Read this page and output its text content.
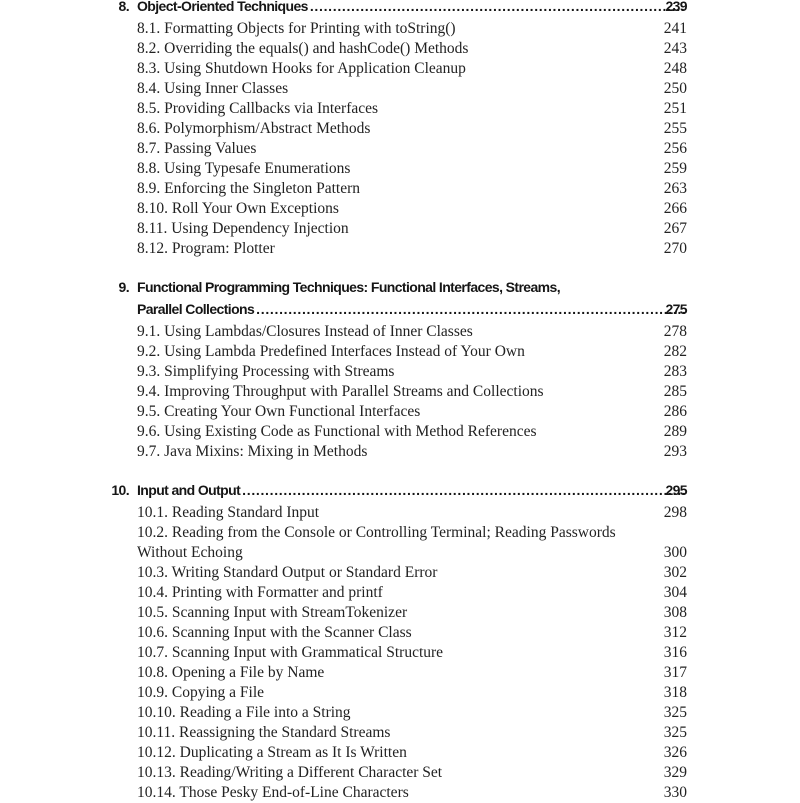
8. Object-Oriented Techniques . . .	239
8.1. Formatting Objects for Printing with toString()	241
8.2. Overriding the equals() and hashCode() Methods	243
8.3. Using Shutdown Hooks for Application Cleanup	248
8.4. Using Inner Classes	250
8.5. Providing Callbacks via Interfaces	251
8.6. Polymorphism/Abstract Methods	255
8.7. Passing Values	256
8.8. Using Typesafe Enumerations	259
8.9. Enforcing the Singleton Pattern	263
8.10. Roll Your Own Exceptions	266
8.11. Using Dependency Injection	267
8.12. Program: Plotter	270
9. Functional Programming Techniques: Functional Interfaces, Streams,
Parallel Collections . . .	275
9.1. Using Lambdas/Closures Instead of Inner Classes	278
9.2. Using Lambda Predefined Interfaces Instead of Your Own	282
9.3. Simplifying Processing with Streams	283
9.4. Improving Throughput with Parallel Streams and Collections	285
9.5. Creating Your Own Functional Interfaces	286
9.6. Using Existing Code as Functional with Method References	289
9.7. Java Mixins: Mixing in Methods	293
10. Input and Output . . .	295
10.1. Reading Standard Input	298
10.2. Reading from the Console or Controlling Terminal; Reading Passwords
Without Echoing	300
10.3. Writing Standard Output or Standard Error	302
10.4. Printing with Formatter and printf	304
10.5. Scanning Input with StreamTokenizer	308
10.6. Scanning Input with the Scanner Class	312
10.7. Scanning Input with Grammatical Structure	316
10.8. Opening a File by Name	317
10.9. Copying a File	318
10.10. Reading a File into a String	325
10.11. Reassigning the Standard Streams	325
10.12. Duplicating a Stream as It Is Written	326
10.13. Reading/Writing a Different Character Set	329
10.14. Those Pesky End-of-Line Characters	330
